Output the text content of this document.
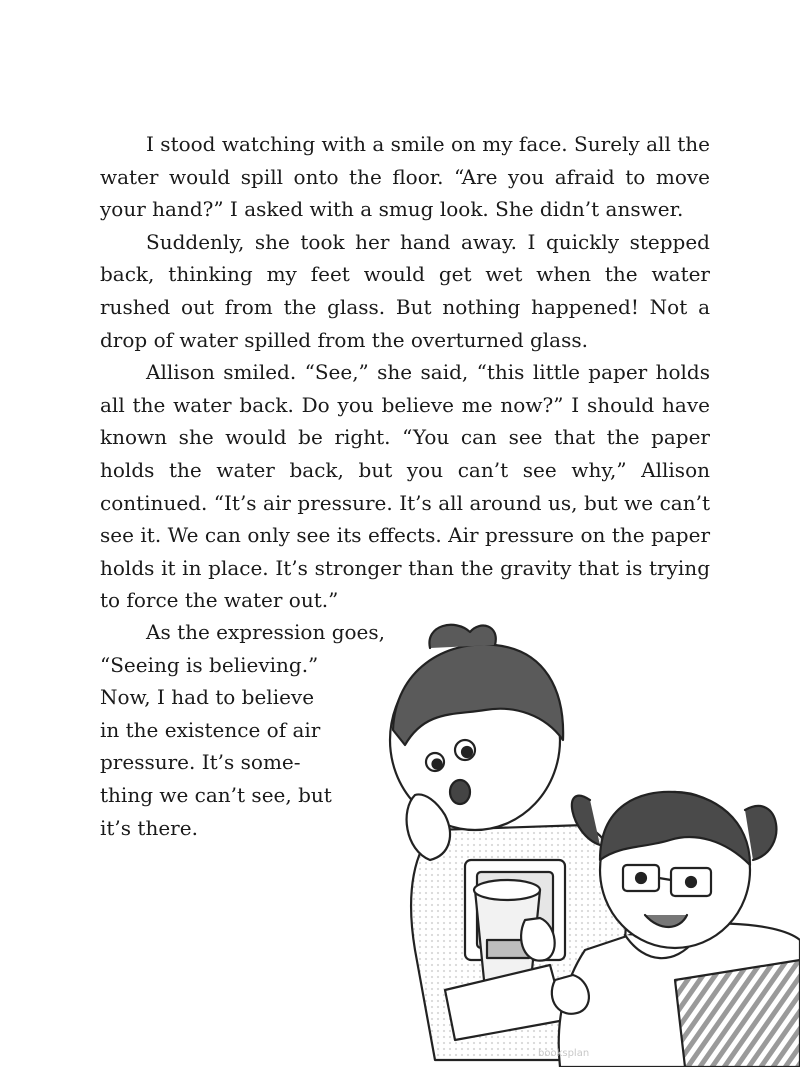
I stood watching with a smile on my face. Surely all the water would spill onto the floor. “Are you afraid to move your hand?” I asked with a smug look. She didn’t answer.

Suddenly, she took her hand away. I quickly stepped back, thinking my feet would get wet when the water rushed out from the glass. But nothing happened! Not a drop of water spilled from the overturned glass.

Allison smiled. “See,” she said, “this little paper holds all the water back. Do you believe me now?” I should have known she would be right. “You can see that the paper holds the water back, but you can’t see why,” Allison continued. “It’s air pressure. It’s all around us, but we can’t see it. We can only see its effects. Air pressure on the paper holds it in place. It’s stronger than the gravity that is trying to force the water out.”

As the expression goes,
“Seeing is believing.”
Now, I had to believe
in the existence of air
pressure. It’s some-
thing we can’t see, but
it’s there.
booksplan
